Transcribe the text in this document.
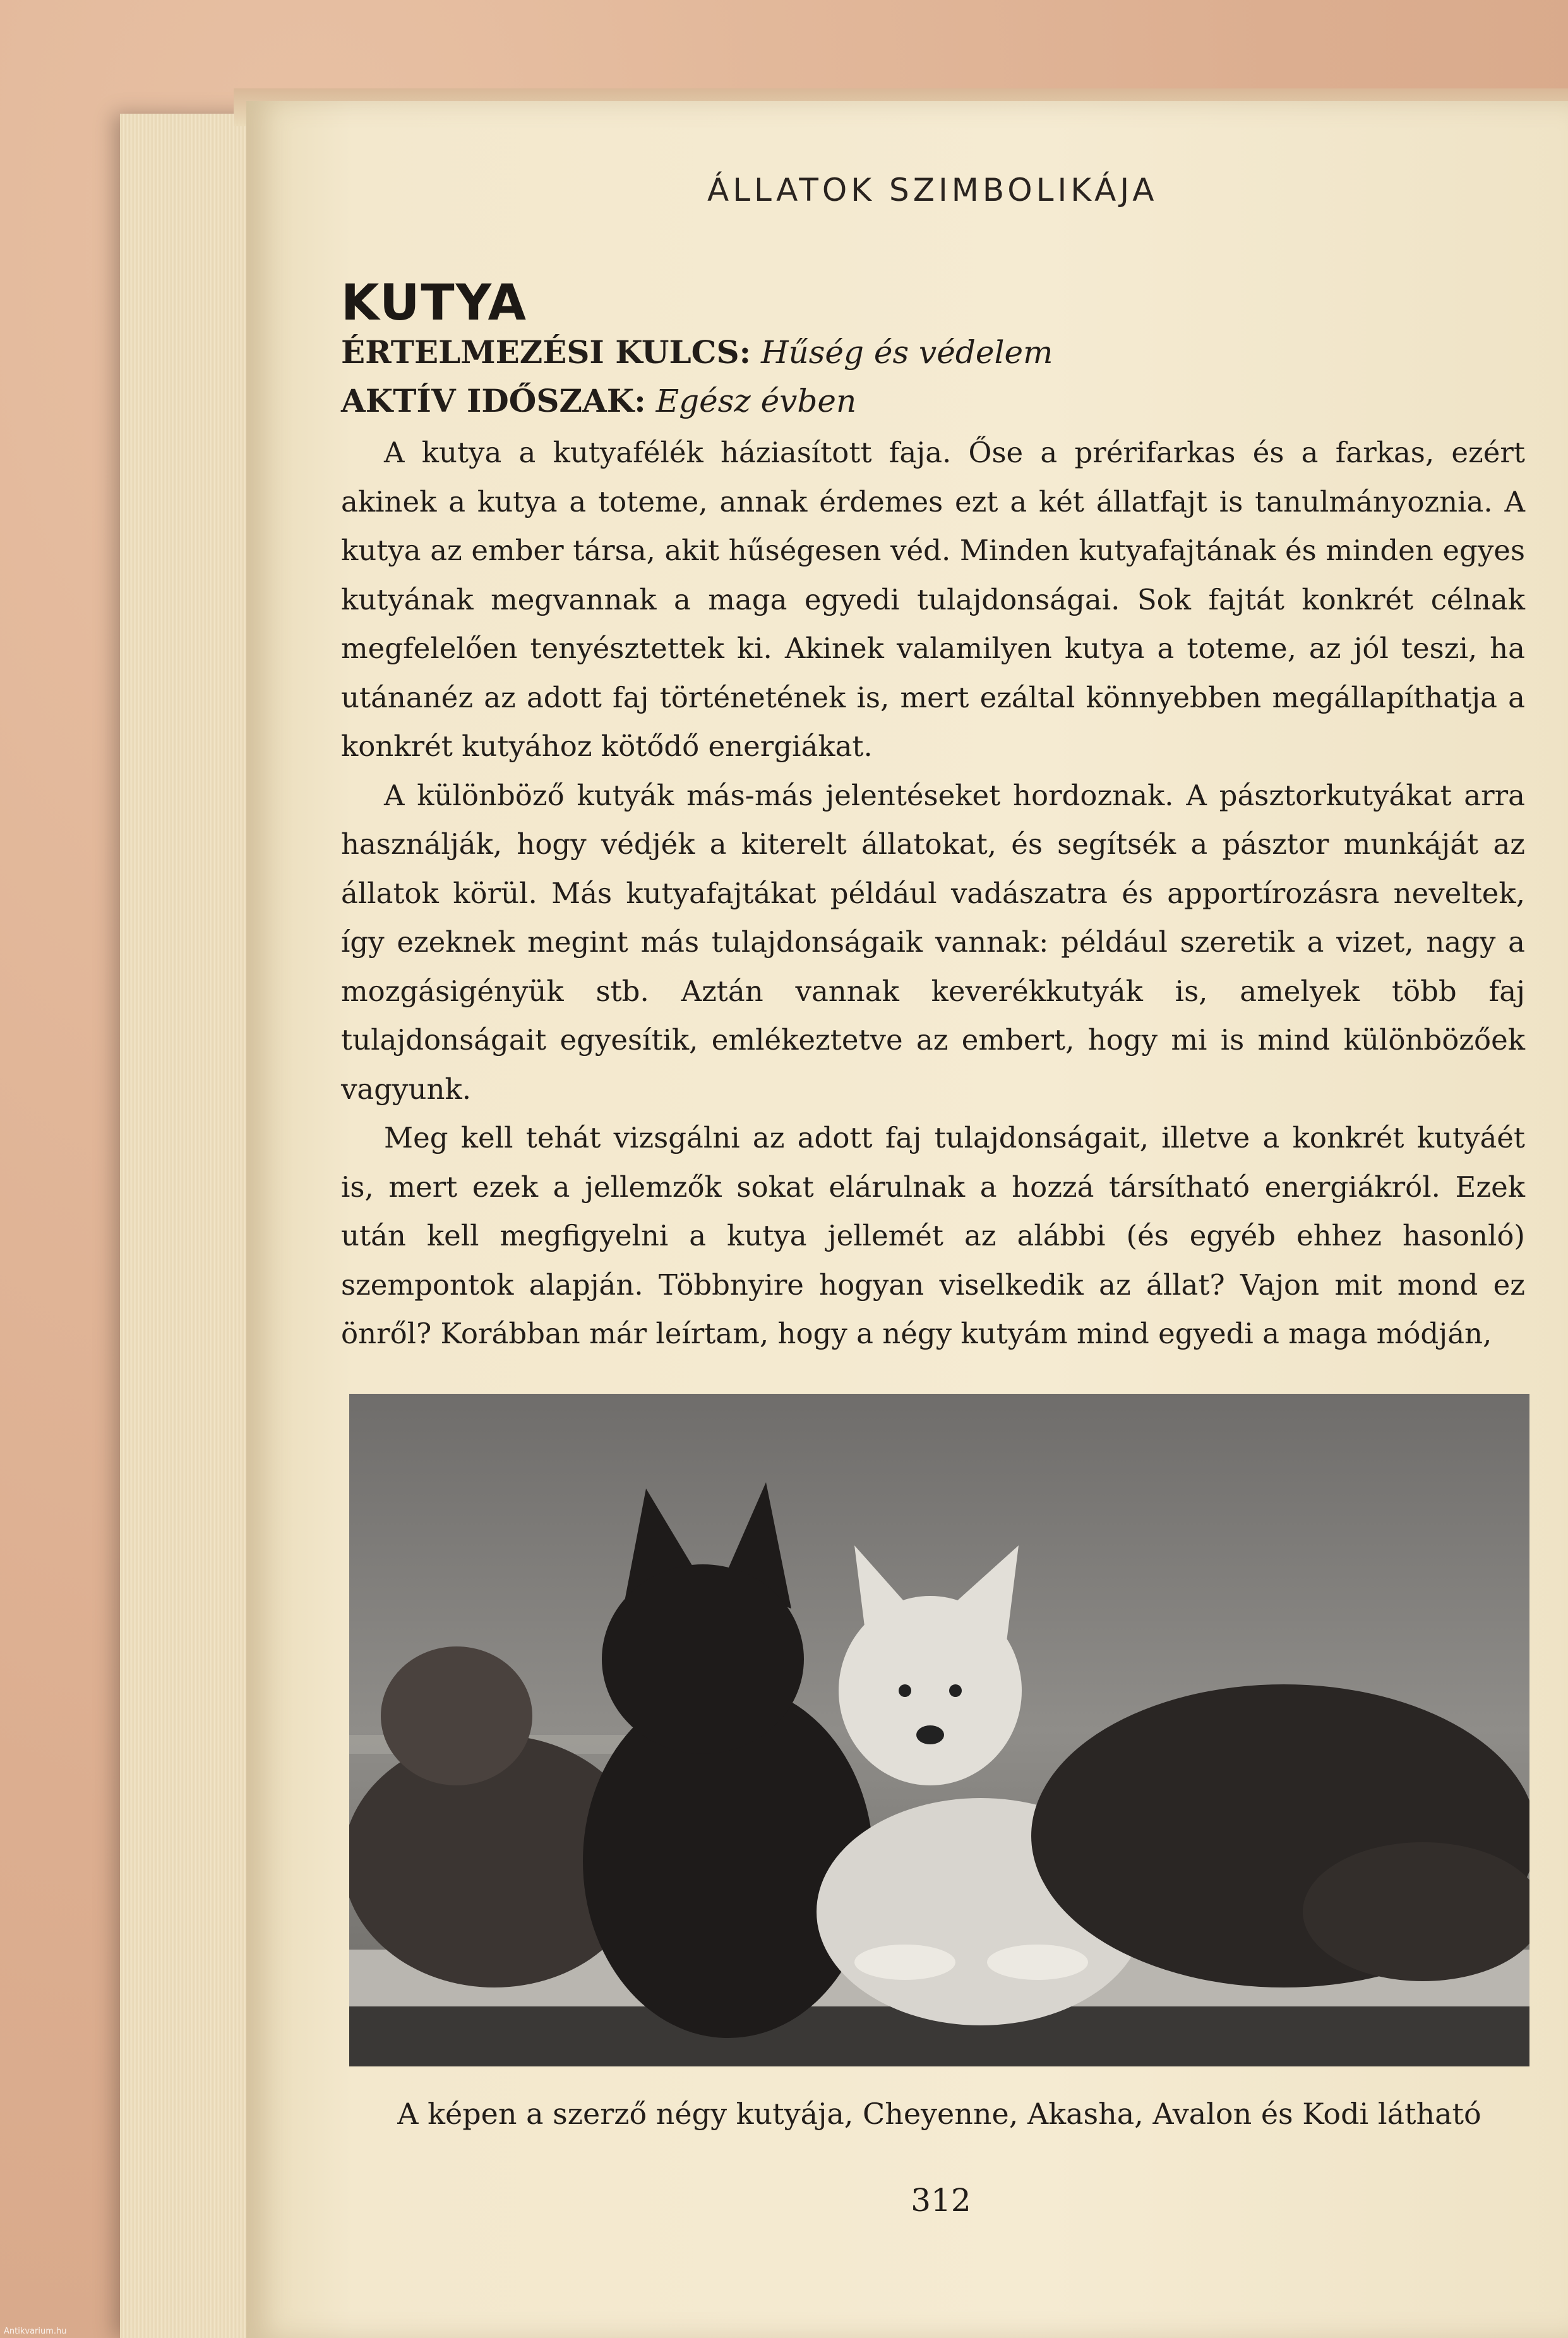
ÁLLATOK SZIMBOLIKÁJA
KUTYA
ÉRTELMEZÉSI KULCS: Hűség és védelem
AKTÍV IDŐSZAK: Egész évben

A kutya a kutyafélék háziasított faja. Őse a prérifarkas és a farkas, ezért akinek a kutya a toteme, annak érdemes ezt a két állatfajt is tanulmányoznia. A kutya az ember társa, akit hűségesen véd. Minden kutyafajtának és minden egyes kutyának megvannak a maga egyedi tulajdonságai. Sok fajtát konkrét célnak megfelelően tenyésztettek ki. Akinek valamilyen kutya a toteme, az jól teszi, ha utánanéz az adott faj történetének is, mert ezáltal könnyebben megállapíthatja a konkrét kutyához kötődő energiákat.

A különböző kutyák más-más jelentéseket hordoznak. A pásztorkutyákat arra használják, hogy védjék a kiterelt állatokat, és segítsék a pásztor munkáját az állatok körül. Más kutyafajtákat például vadászatra és apportírozásra neveltek, így ezeknek megint más tulajdonságaik vannak: például szeretik a vizet, nagy a mozgásigényük stb. Aztán vannak keverékkutyák is, amelyek több faj tulajdonságait egyesítik, emlékeztetve az embert, hogy mi is mind különbözőek vagyunk.

Meg kell tehát vizsgálni az adott faj tulajdonságait, illetve a konkrét kutyáét is, mert ezek a jellemzők sokat elárulnak a hozzá társítható energiákról. Ezek után kell megfigyelni a kutya jellemét az alábbi (és egyéb ehhez hasonló) szempontok alapján. Többnyire hogyan viselkedik az állat? Vajon mit mond ez önről? Korábban már leírtam, hogy a négy kutyám mind egyedi a maga módján,

A képen a szerző négy kutyája, Cheyenne, Akasha, Avalon és Kodi látható
312
Antikvarium.hu
